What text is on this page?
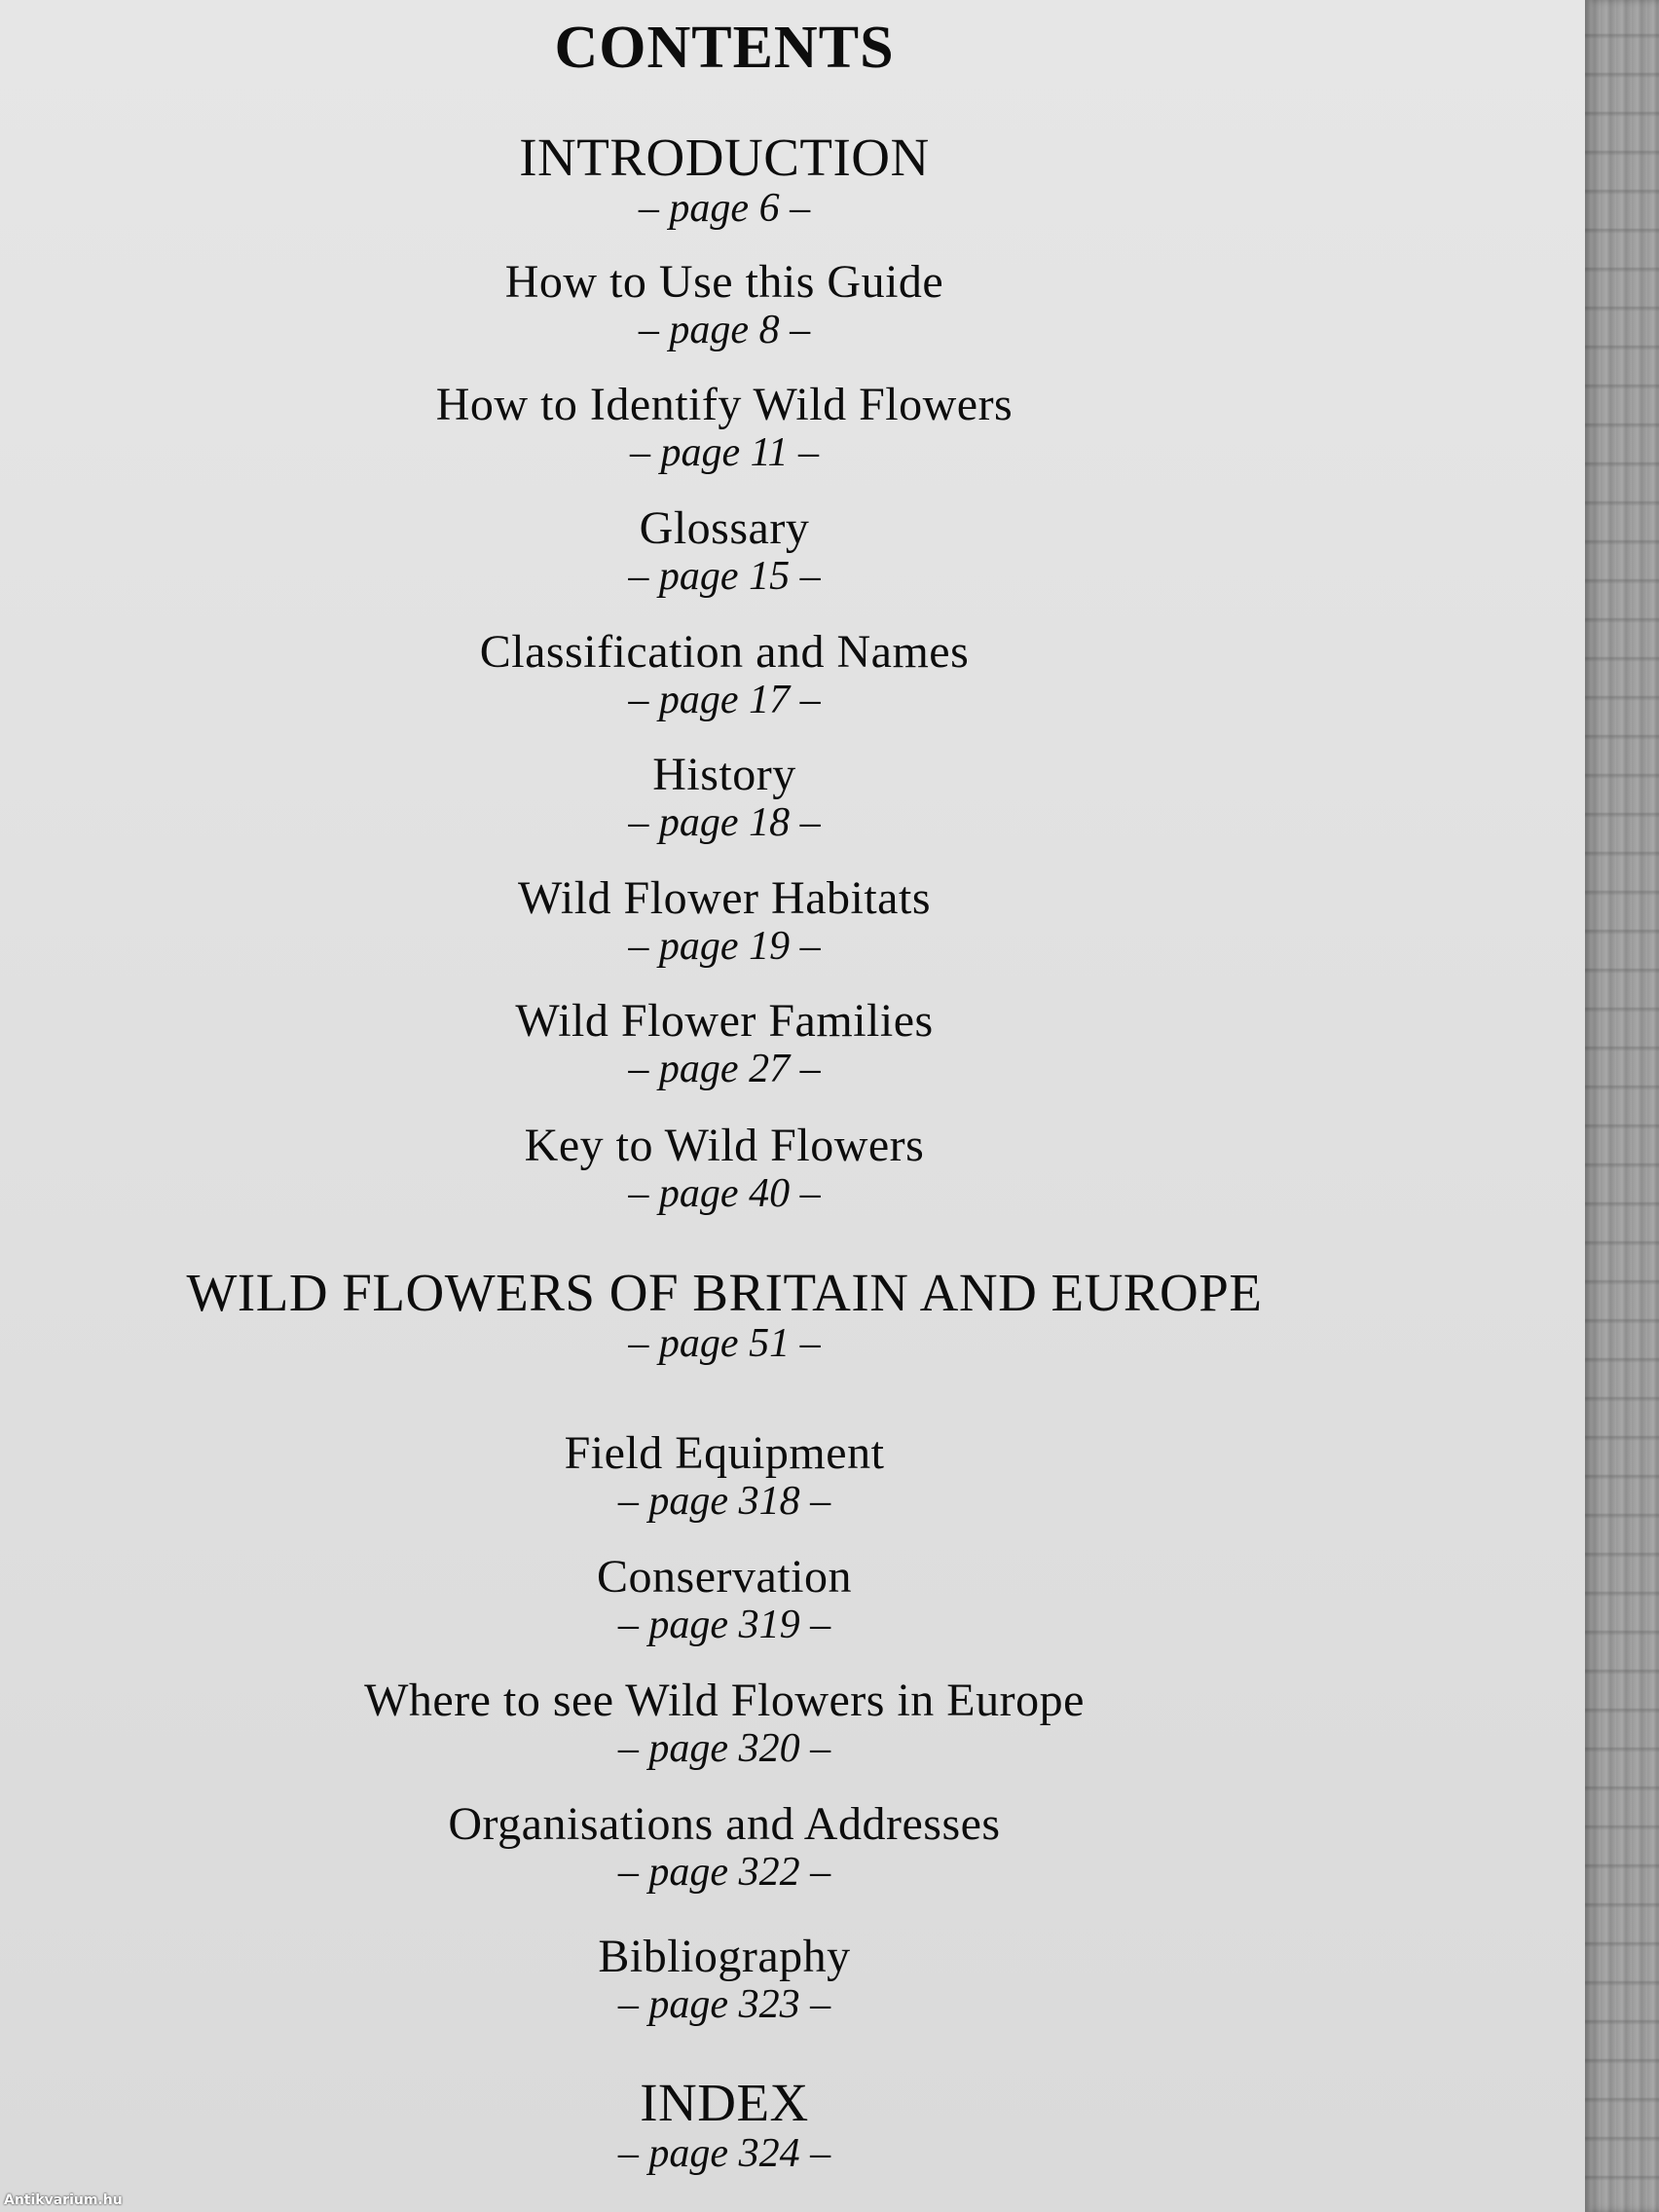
CONTENTS
INTRODUCTION
– page 6 –
How to Use this Guide
– page 8 –
How to Identify Wild Flowers
– page 11 –
Glossary
– page 15 –
Classification and Names
– page 17 –
History
– page 18 –
Wild Flower Habitats
– page 19 –
Wild Flower Families
– page 27 –
Key to Wild Flowers
– page 40 –
WILD FLOWERS OF BRITAIN AND EUROPE
– page 51 –
Field Equipment
– page 318 –
Conservation
– page 319 –
Where to see Wild Flowers in Europe
– page 320 –
Organisations and Addresses
– page 322 –
Bibliography
– page 323 –
INDEX
– page 324 –
Antikvarium.hu
